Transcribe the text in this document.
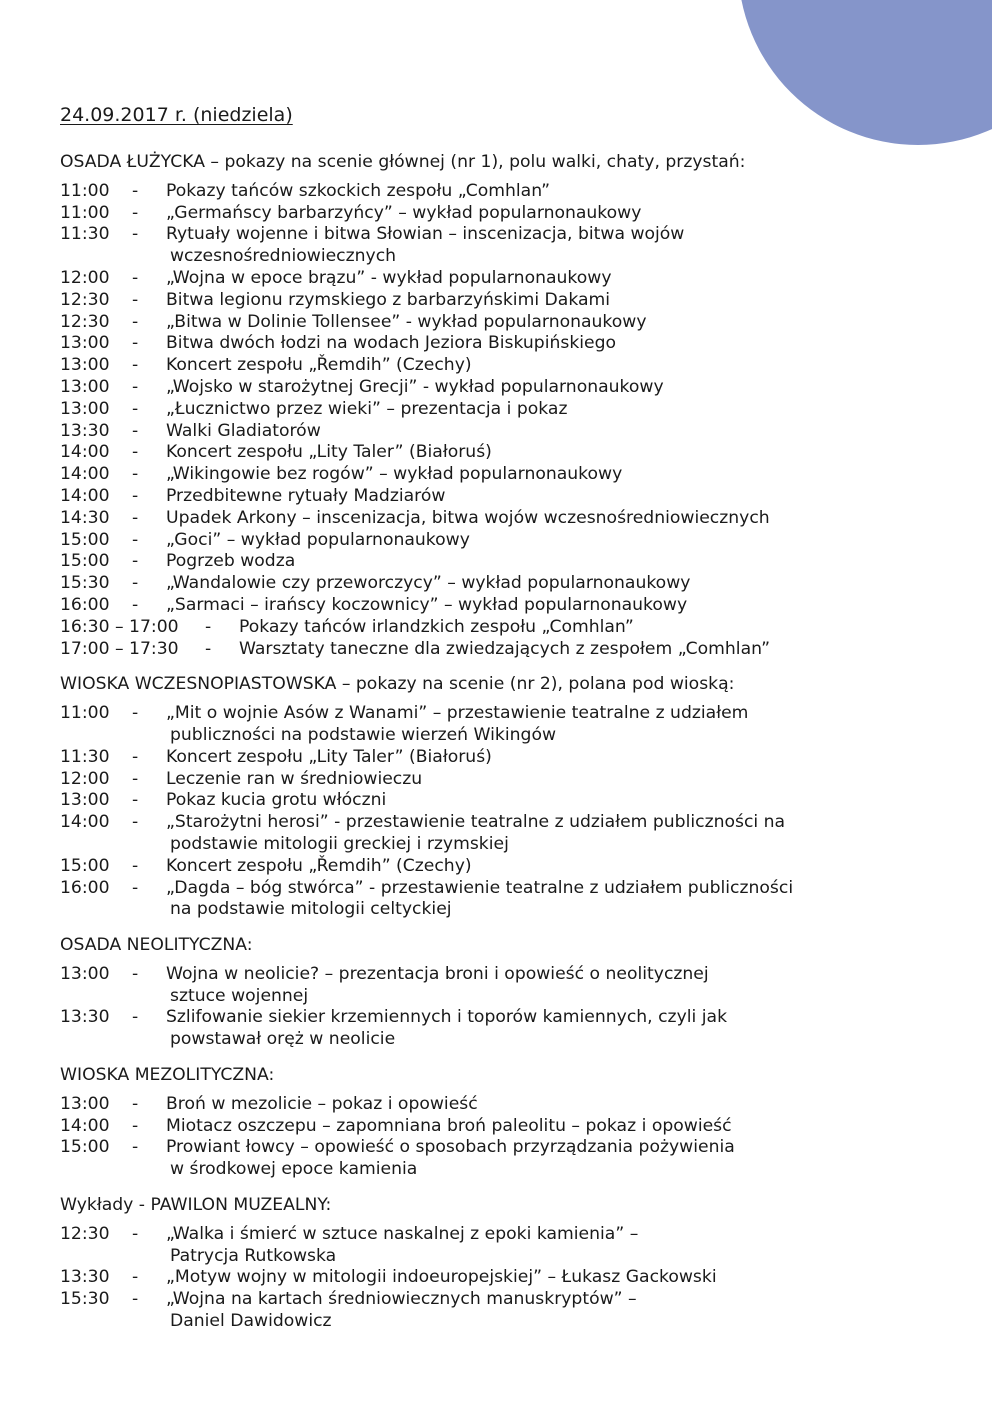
24.09.2017 r. (niedziela)
OSADA ŁUŻYCKA – pokazy na scenie głównej (nr 1), polu walki, chaty, przystań:
11:00	-	Pokazy tańców szkockich zespołu „Comhlan”
11:00	-	„Germańscy barbarzyńcy” – wykład popularnonaukowy
11:30	-	Rytuały wojenne i bitwa Słowian – inscenizacja, bitwa wojów
wczesnośredniowiecznych
12:00	-	„Wojna w epoce brązu” - wykład popularnonaukowy
12:30	-	Bitwa legionu rzymskiego z barbarzyńskimi Dakami
12:30	-	„Bitwa w Dolinie Tollensee” - wykład popularnonaukowy
13:00	-	Bitwa dwóch łodzi na wodach Jeziora Biskupińskiego
13:00	-	Koncert zespołu „Řemdih” (Czechy)
13:00	-	„Wojsko w starożytnej Grecji” - wykład popularnonaukowy
13:00	-	„Łucznictwo przez wieki” – prezentacja i pokaz
13:30	-	Walki Gladiatorów
14:00	-	Koncert zespołu „Lity Taler” (Białoruś)
14:00	-	„Wikingowie bez rogów” – wykład popularnonaukowy
14:00	-	Przedbitewne rytuały Madziarów
14:30	-	Upadek Arkony – inscenizacja, bitwa wojów wczesnośredniowiecznych
15:00	-	„Goci” – wykład popularnonaukowy
15:00	-	Pogrzeb wodza
15:30	-	„Wandalowie czy przeworczycy” – wykład popularnonaukowy
16:00	-	„Sarmaci – irańscy koczownicy” – wykład popularnonaukowy
16:30 – 17:00	-	Pokazy tańców irlandzkich zespołu „Comhlan”
17:00 – 17:30	-	Warsztaty taneczne dla zwiedzających z zespołem „Comhlan”
WIOSKA WCZESNOPIASTOWSKA – pokazy na scenie (nr 2), polana pod wioską:
11:00	-	„Mit o wojnie Asów z Wanami” – przestawienie teatralne z udziałem
publiczności na podstawie wierzeń Wikingów
11:30	-	Koncert zespołu „Lity Taler” (Białoruś)
12:00	-	Leczenie ran w średniowieczu
13:00	-	Pokaz kucia grotu włóczni
14:00	-	„Starożytni herosi” - przestawienie teatralne z udziałem publiczności na
podstawie mitologii greckiej i rzymskiej
15:00	-	Koncert zespołu „Řemdih” (Czechy)
16:00	-	„Dagda – bóg stwórca” - przestawienie teatralne z udziałem publiczności
na podstawie mitologii celtyckiej
OSADA NEOLITYCZNA:
13:00	-	Wojna w neolicie? – prezentacja broni i opowieść o neolitycznej
sztuce wojennej
13:30	-	Szlifowanie siekier krzemiennych i toporów kamiennych, czyli jak
powstawał oręż w neolicie
WIOSKA MEZOLITYCZNA:
13:00	-	Broń w mezolicie – pokaz i opowieść
14:00	-	Miotacz oszczepu – zapomniana broń paleolitu – pokaz i opowieść
15:00	-	Prowiant łowcy – opowieść o sposobach przyrządzania pożywienia
w środkowej epoce kamienia
Wykłady - PAWILON MUZEALNY:
12:30	-	„Walka i śmierć w sztuce naskalnej z epoki kamienia” –
Patrycja Rutkowska
13:30	-	„Motyw wojny w mitologii indoeuropejskiej” – Łukasz Gackowski
15:30	-	„Wojna na kartach średniowiecznych manuskryptów” –
Daniel Dawidowicz
